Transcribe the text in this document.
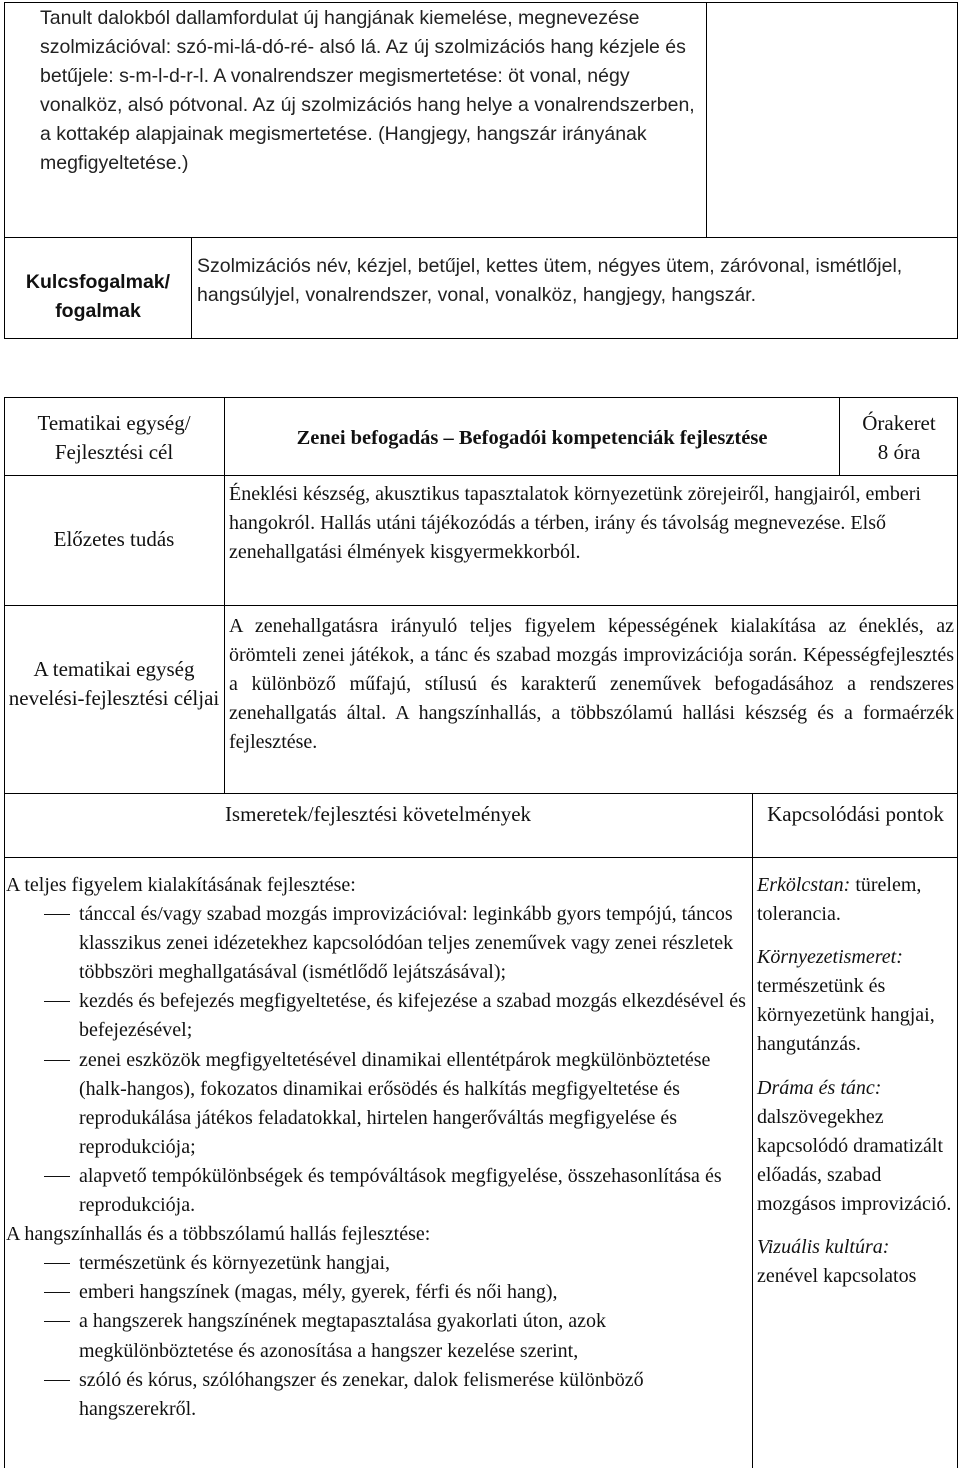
Tanult dalokból dallamfordulat új hangjának kiemelése, megnevezése szolmizációval: szó-mi-lá-dó-ré- alsó lá. Az új szolmizációs hang kézjele és betűjele: s-m-l-d-r-l. A vonalrendszer megismertetése: öt vonal, négy vonalköz, alsó pótvonal. Az új szolmizációs hang helye a vonalrendszerben, a kottakép alapjainak megismertetése. (Hangjegy, hangszár irányának megfigyeltetése.)
Kulcsfogalmak/ fogalmak
Szolmizációs név, kézjel, betűjel, kettes ütem, négyes ütem, záróvonal, ismétlőjel, hangsúlyjel, vonalrendszer, vonal, vonalköz, hangjegy, hangszár.
Tematikai egység/ Fejlesztési cél
Zenei befogadás – Befogadói kompetenciák fejlesztése
Órakeret
8 óra
Előzetes tudás
Éneklési készség, akusztikus tapasztalatok környezetünk zörejeiről, hangjairól, emberi hangokról. Hallás utáni tájékozódás a térben, irány és távolság megnevezése. Első zenehallgatási élmények kisgyermekkorból.
A tematikai egység nevelési-fejlesztési céljai
A zenehallgatásra irányuló teljes figyelem képességének kialakítása az éneklés, az örömteli zenei játékok, a tánc és szabad mozgás improvizációja során. Képességfejlesztés a különböző műfajú, stílusú és karakterű zeneművek befogadásához a rendszeres zenehallgatás által. A hangszínhallás, a többszólamú hallási készség és a formaérzék fejlesztése.
Ismeretek/fejlesztési követelmények	Kapcsolódási pontok
A teljes figyelem kialakításának fejlesztése:
tánccal és/vagy szabad mozgás improvizációval: leginkább gyors tempójú, táncos klasszikus zenei idézetekhez kapcsolódóan teljes zeneművek vagy zenei részletek többszöri meghallgatásával (ismétlődő lejátszásával);
kezdés és befejezés megfigyeltetése, és kifejezése a szabad mozgás elkezdésével és befejezésével;
zenei eszközök megfigyeltetésével dinamikai ellentétpárok megkülönböztetése (halk-hangos), fokozatos dinamikai erősödés és halkítás megfigyeltetése és reprodukálása játékos feladatokkal, hirtelen hangerőváltás megfigyelése és reprodukciója;
alapvető tempókülönbségek és tempóváltások megfigyelése, összehasonlítása és reprodukciója.
A hangszínhallás és a többszólamú hallás fejlesztése:
természetünk és környezetünk hangjai,
emberi hangszínek (magas, mély, gyerek, férfi és női hang),
a hangszerek hangszínének megtapasztalása gyakorlati úton, azok megkülönböztetése és azonosítása a hangszer kezelése szerint,
szóló és kórus, szólóhangszer és zenekar, dalok felismerése különböző hangszerekről.
Erkölcstan: türelem, tolerancia.
Környezetismeret: természetünk és környezetünk hangjai, hangutánzás.
Dráma és tánc: dalszövegekhez kapcsolódó dramatizált előadás, szabad mozgásos improvizáció.
Vizuális kultúra: zenével kapcsolatos
